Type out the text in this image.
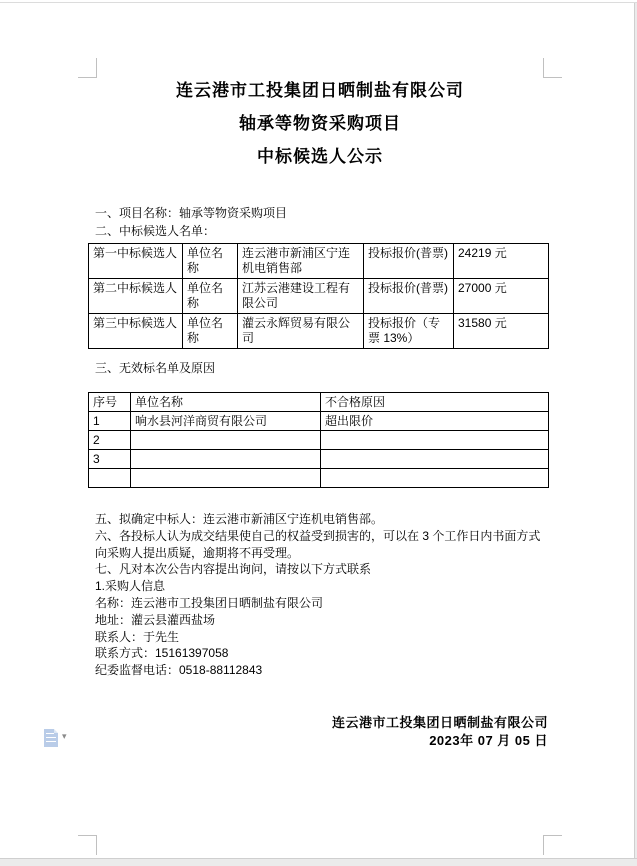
连云港市工投集团日晒制盐有限公司
轴承等物资采购项目
中标候选人公示
一、项目名称：轴承等物资采购项目
二、中标候选人名单：
第一中标候选人	单位名称	连云港市新浦区宁连机电销售部	投标报价(普票)	24219 元
第二中标候选人	单位名称	江苏云港建设工程有限公司	投标报价(普票)	27000 元
第三中标候选人	单位名称	灌云永辉贸易有限公司	投标报价（专票 13%）	31580 元
三、无效标名单及原因
序号	单位名称	不合格原因
1	响水县河洋商贸有限公司	超出限价
2		
3		

五、拟确定中标人：连云港市新浦区宁连机电销售部。
六、各投标人认为成交结果使自己的权益受到损害的，可以在 3 个工作日内书面方式向采购人提出质疑，逾期将不再受理。
七、凡对本次公告内容提出询问，请按以下方式联系
1.采购人信息
名称：连云港市工投集团日晒制盐有限公司
地址：灌云县灌西盐场
联系人：于先生
联系方式：15161397058
纪委监督电话：0518-88112843
连云港市工投集团日晒制盐有限公司
2023年 07 月 05 日
▾
